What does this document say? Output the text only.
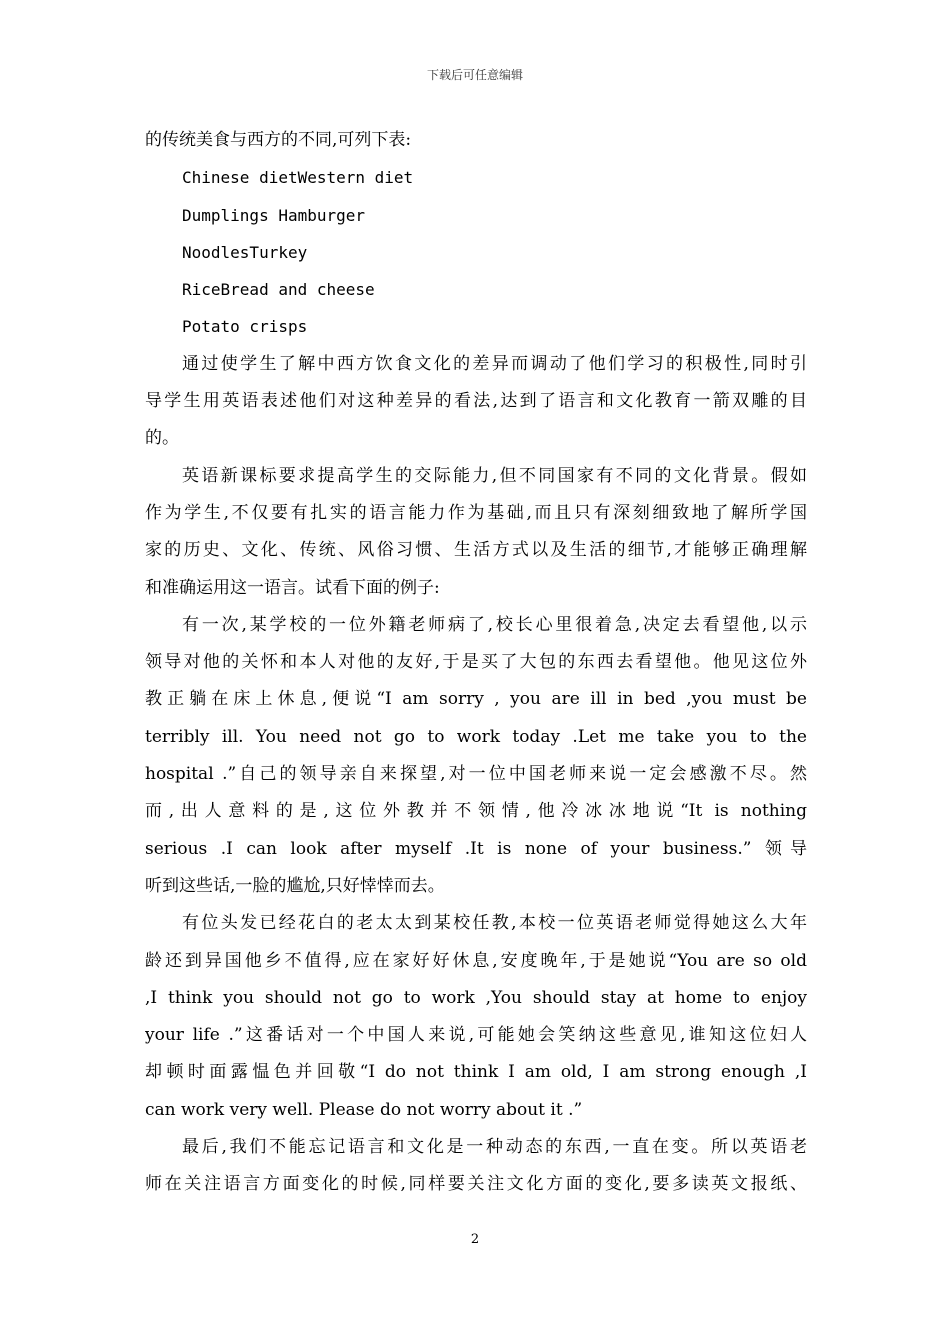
下载后可任意编辑
的传统美食与西方的不同,可列下表:
Chinese dietWestern diet
Dumplings Hamburger
NoodlesTurkey
RiceBread and cheese
Potato crisps
通过使学生了解中西方饮食文化的差异而调动了他们学习的积极性,同时引
导学生用英语表述他们对这种差异的看法,达到了语言和文化教育一箭双雕的目
的。
英语新课标要求提高学生的交际能力,但不同国家有不同的文化背景。假如
作为学生,不仅要有扎实的语言能力作为基础,而且只有深刻细致地了解所学国
家的历史、文化、传统、风俗习惯、生活方式以及生活的细节,才能够正确理解
和准确运用这一语言。试看下面的例子:
有一次,某学校的一位外籍老师病了,校长心里很着急,决定去看望他,以示
领导对他的关怀和本人对他的友好,于是买了大包的东西去看望他。他见这位外
教正躺在床上休息,便说“I am sorry , you are ill in bed ,you must be
terribly ill. You need not go to work today .Let me take you to the
hospital .”自己的领导亲自来探望,对一位中国老师来说一定会感激不尽。然
而,出人意料的是,这位外教并不领情,他冷冰冰地说“It is nothing
serious .I can look after myself .It is none of your business.” 领导
听到这些话,一脸的尴尬,只好悻悻而去。
有位头发已经花白的老太太到某校任教,本校一位英语老师觉得她这么大年
龄还到异国他乡不值得,应在家好好休息,安度晚年,于是她说“You are so old
,I think you should not go to work ,You should stay at home to enjoy
your life .”这番话对一个中国人来说,可能她会笑纳这些意见,谁知这位妇人
却顿时面露愠色并回敬“I do not think I am old, I am strong enough ,I
can work very well. Please do not worry about it .”
最后,我们不能忘记语言和文化是一种动态的东西,一直在变。所以英语老
师在关注语言方面变化的时候,同样要关注文化方面的变化,要多读英文报纸、
2
